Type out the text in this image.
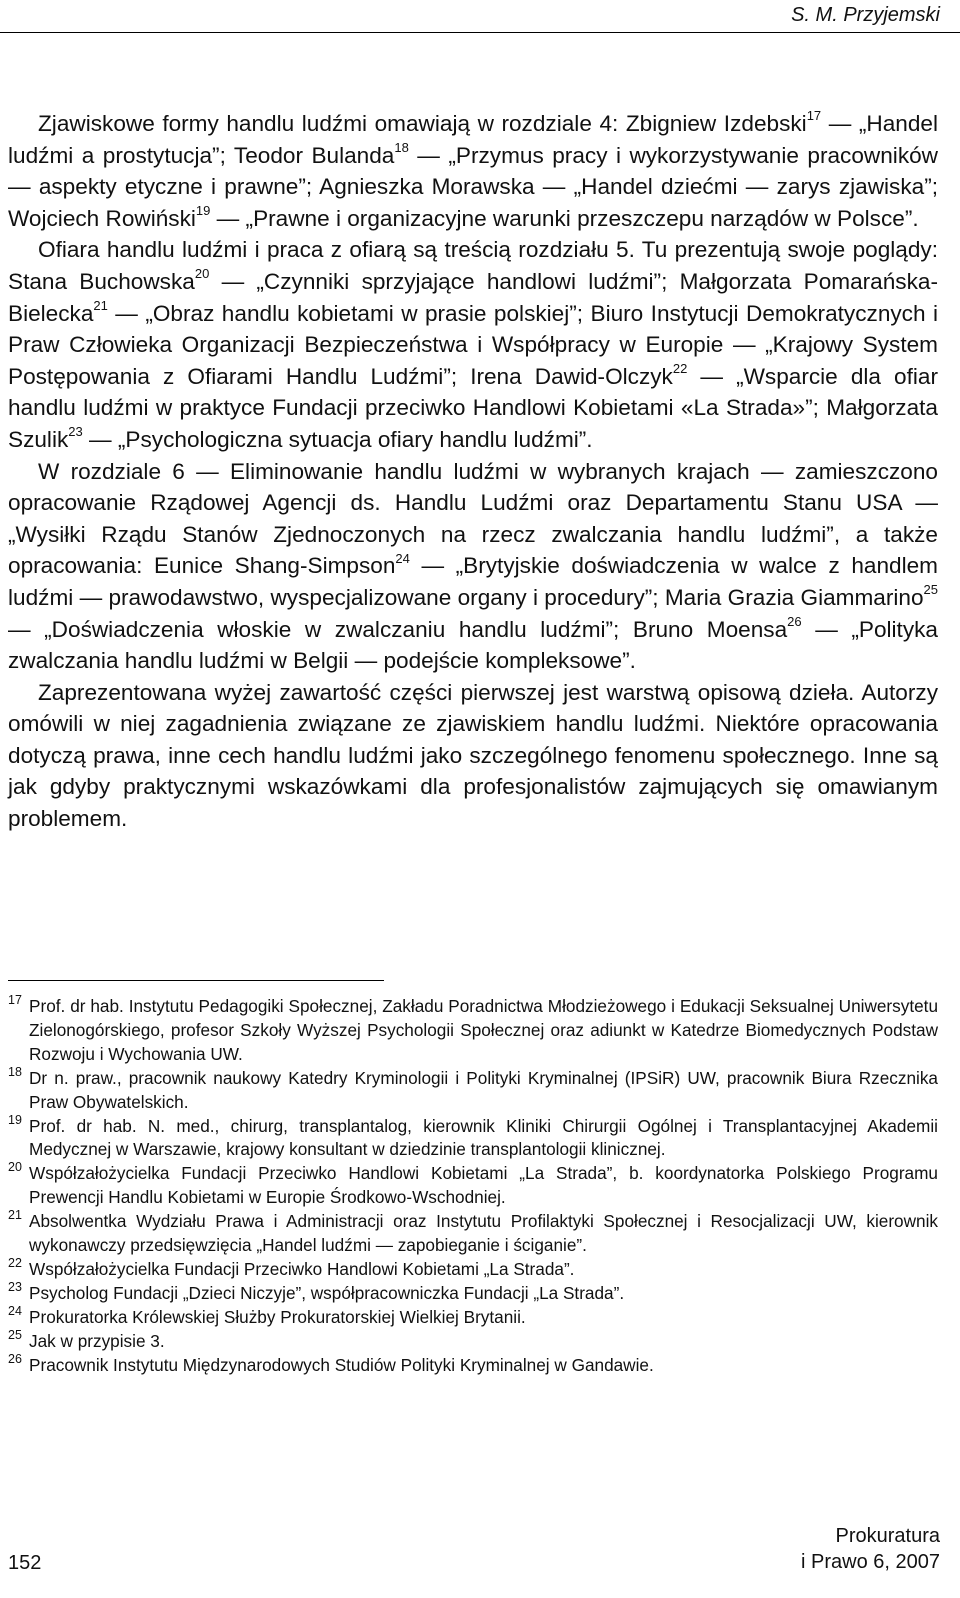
S. M. Przyjemski

Zjawiskowe formy handlu ludźmi omawiają w rozdziale 4: Zbigniew Izdebski$^{17}$ — „Handel ludźmi a prostytucja”; Teodor Bulanda$^{18}$ — „Przymus pracy i wykorzystywanie pracowników — aspekty etyczne i prawne”; Agnieszka Morawska — „Handel dziećmi — zarys zjawiska”; Wojciech Rowiński$^{19}$ — „Prawne i organizacyjne warunki przeszczepu narządów w Polsce”.

Ofiara handlu ludźmi i praca z ofiarą są treścią rozdziału 5. Tu prezentują swoje poglądy: Stana Buchowska$^{20}$ — „Czynniki sprzyjające handlowi ludźmi”; Małgorzata Pomarańska-Bielecka$^{21}$ — „Obraz handlu kobietami w prasie polskiej”; Biuro Instytucji Demokratycznych i Praw Człowieka Organizacji Bezpieczeństwa i Współpracy w Europie — „Krajowy System Postępowania z Ofiarami Handlu Ludźmi”; Irena Dawid-Olczyk$^{22}$ — „Wsparcie dla ofiar handlu ludźmi w praktyce Fundacji przeciwko Handlowi Kobietami «La Strada»”; Małgorzata Szulik$^{23}$ — „Psychologiczna sytuacja ofiary handlu ludźmi”.

W rozdziale 6 — Eliminowanie handlu ludźmi w wybranych krajach — zamieszczono opracowanie Rządowej Agencji ds. Handlu Ludźmi oraz Departamentu Stanu USA — „Wysiłki Rządu Stanów Zjednoczonych na rzecz zwalczania handlu ludźmi”, a także opracowania: Eunice Shang-Simpson$^{24}$ — „Brytyjskie doświadczenia w walce z handlem ludźmi — prawodawstwo, wyspecjalizowane organy i procedury”; Maria Grazia Giammarino$^{25}$ — „Doświadczenia włoskie w zwalczaniu handlu ludźmi”; Bruno Moensa$^{26}$ — „Polityka zwalczania handlu ludźmi w Belgii — podejście kompleksowe”.

Zaprezentowana wyżej zawartość części pierwszej jest warstwą opisową dzieła. Autorzy omówili w niej zagadnienia związane ze zjawiskiem handlu ludźmi. Niektóre opracowania dotyczą prawa, inne cech handlu ludźmi jako szczególnego fenomenu społecznego. Inne są jak gdyby praktycznymi wskazówkami dla profesjonalistów zajmujących się omawianym problemem.

17 Prof. dr hab. Instytutu Pedagogiki Społecznej, Zakładu Poradnictwa Młodzieżowego i Edukacji Seksualnej Uniwersytetu Zielonogórskiego, profesor Szkoły Wyższej Psychologii Społecznej oraz adiunkt w Katedrze Biomedycznych Podstaw Rozwoju i Wychowania UW.
18 Dr n. praw., pracownik naukowy Katedry Kryminologii i Polityki Kryminalnej (IPSiR) UW, pracownik Biura Rzecznika Praw Obywatelskich.
19 Prof. dr hab. N. med., chirurg, transplantalog, kierownik Kliniki Chirurgii Ogólnej i Transplantacyjnej Akademii Medycznej w Warszawie, krajowy konsultant w dziedzinie transplantologii klinicznej.
20 Współzałożycielka Fundacji Przeciwko Handlowi Kobietami „La Strada”, b. koordynatorka Polskiego Programu Prewencji Handlu Kobietami w Europie Środkowo-Wschodniej.
21 Absolwentka Wydziału Prawa i Administracji oraz Instytutu Profilaktyki Społecznej i Resocjalizacji UW, kierownik wykonawczy przedsięwzięcia „Handel ludźmi — zapobieganie i ściganie”.
22 Współzałożycielka Fundacji Przeciwko Handlowi Kobietami „La Strada”.
23 Psycholog Fundacji „Dzieci Niczyje”, współpracowniczka Fundacji „La Strada”.
24 Prokuratorka Królewskiej Służby Prokuratorskiej Wielkiej Brytanii.
25 Jak w przypisie 3.
26 Pracownik Instytutu Międzynarodowych Studiów Polityki Kryminalnej w Gandawie.
152
Prokuratura
i Prawo 6, 2007
